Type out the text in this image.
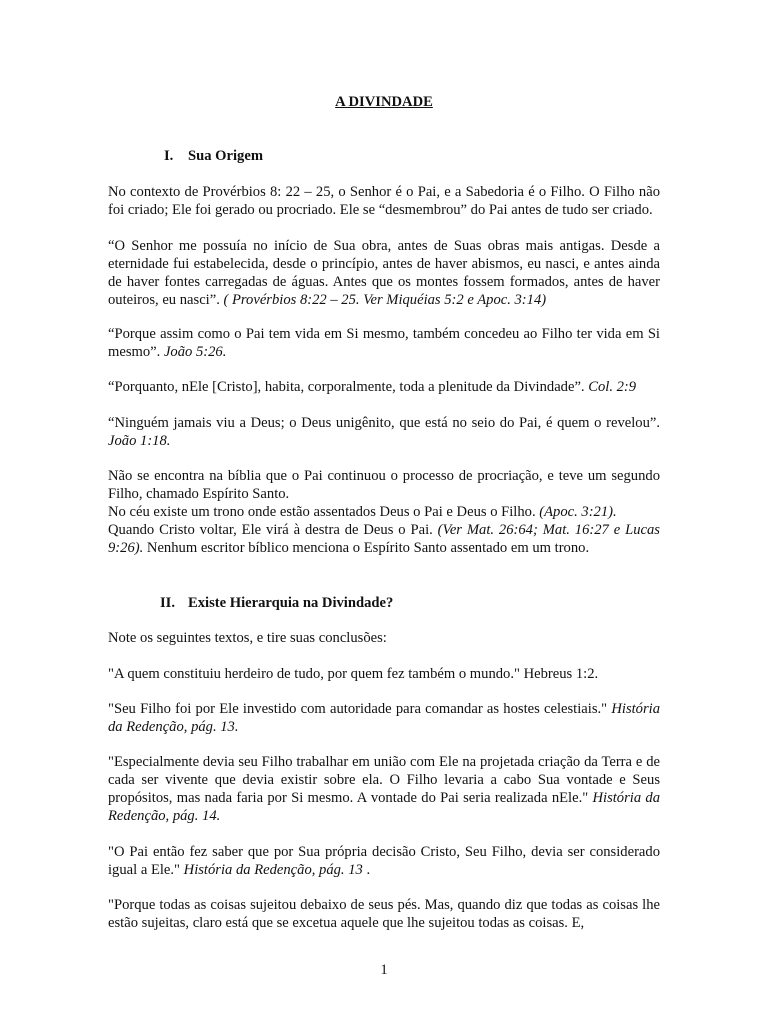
A DIVINDADE
I. Sua Origem

No contexto de Provérbios 8: 22 – 25, o Senhor é o Pai, e a Sabedoria é o Filho. O Filho não foi criado; Ele foi gerado ou procriado. Ele se “desmembrou” do Pai antes de tudo ser criado.

“O Senhor me possuía no início de Sua obra, antes de Suas obras mais antigas. Desde a eternidade fui estabelecida, desde o princípio, antes de haver abismos, eu nasci, e antes ainda de haver fontes carregadas de águas. Antes que os montes fossem formados, antes de haver outeiros, eu nasci”. ( Provérbios 8:22 – 25. Ver Miquéias 5:2 e Apoc. 3:14)

“Porque assim como o Pai tem vida em Si mesmo, também concedeu ao Filho ter vida em Si mesmo”. João 5:26.

“Porquanto, nEle [Cristo], habita, corporalmente, toda a plenitude da Divindade”. Col. 2:9

“Ninguém jamais viu a Deus; o Deus unigênito, que está no seio do Pai, é quem o revelou”. João 1:18.

Não se encontra na bíblia que o Pai continuou o processo de procriação, e teve um segundo Filho, chamado Espírito Santo.

No céu existe um trono onde estão assentados Deus o Pai e Deus o Filho. (Apoc. 3:21).

Quando Cristo voltar, Ele virá à destra de Deus o Pai. (Ver Mat. 26:64; Mat. 16:27 e Lucas 9:26). Nenhum escritor bíblico menciona o Espírito Santo assentado em um trono.

II. Existe Hierarquia na Divindade?

Note os seguintes textos, e tire suas conclusões:

"A quem constituiu herdeiro de tudo, por quem fez também o mundo." Hebreus 1:2.

"Seu Filho foi por Ele investido com autoridade para comandar as hostes celestiais." História da Redenção, pág. 13.

"Especialmente devia seu Filho trabalhar em união com Ele na projetada criação da Terra e de cada ser vivente que devia existir sobre ela. O Filho levaria a cabo Sua vontade e Seus propósitos, mas nada faria por Si mesmo. A vontade do Pai seria realizada nEle." História da Redenção, pág. 14.

"O Pai então fez saber que por Sua própria decisão Cristo, Seu Filho, devia ser considerado igual a Ele." História da Redenção, pág. 13 .

"Porque todas as coisas sujeitou debaixo de seus pés. Mas, quando diz que todas as coisas lhe estão sujeitas, claro está que se excetua aquele que lhe sujeitou todas as coisas. E,

1
